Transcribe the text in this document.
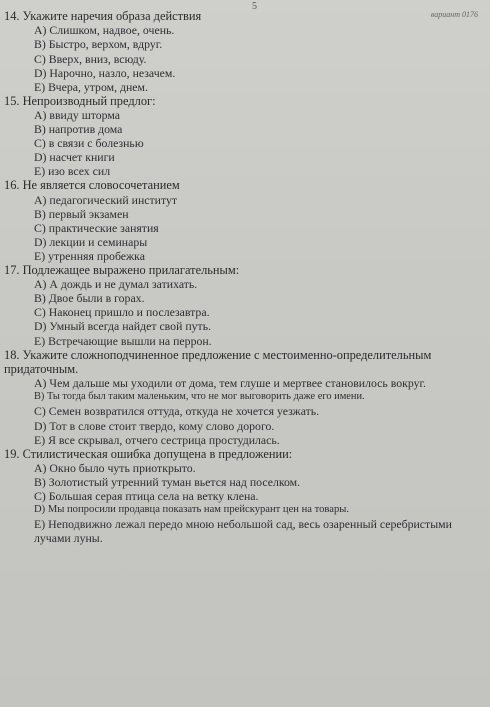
5
вариант 0176

14. Укажите наречия образа действия

А) Слишком, надвое, очень.
В) Быстро, верхом, вдруг.
С) Вверх, вниз, всюду.
D) Нарочно, назло, незачем.
Е) Вчера, утром, днем.

15. Непроизводный предлог:

А) ввиду шторма
В) напротив дома
С) в связи с болезнью
D) насчет книги
Е) изо всех сил

16. Не является словосочетанием

А) педагогический институт
В) первый экзамен
С) практические занятия
D) лекции и семинары
Е) утренняя пробежка

17. Подлежащее выражено прилагательным:

А) А дождь и не думал затихать.
В) Двое были в горах.
С) Наконец пришло и послезавтра.
D) Умный всегда найдет свой путь.
Е) Встречающие вышли на перрон.

18. Укажите сложноподчиненное предложение с местоименно-определительным придаточным.

А) Чем дальше мы уходили от дома, тем глуше и мертвее становилось вокруг.
В) Ты тогда был таким маленьким, что не мог выговорить даже его имени.
С) Семен возвратился оттуда, откуда не хочется уезжать.
D) Тот в слове стоит твердо, кому слово дорого.
Е) Я все скрывал, отчего сестрица простудилась.

19. Стилистическая ошибка допущена в предложении:

А) Окно было чуть приоткрыто.
В) Золотистый утренний туман вьется над поселком.
С) Большая серая птица села на ветку клена.
D) Мы попросили продавца показать нам прейскурант цен на товары.
Е) Неподвижно лежал передо мною небольшой сад, весь озаренный серебристыми лучами луны.
